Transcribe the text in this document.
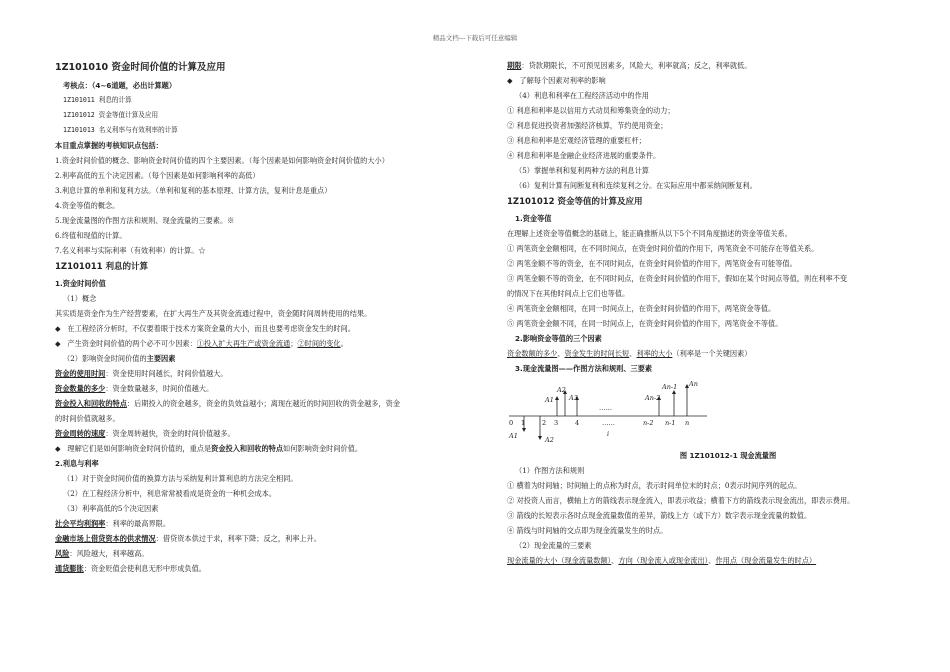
精品文档---下载后可任意编辑
1Z101010 资金时间价值的计算及应用
考核点：（4~6道题，必出计算题）
1Z101011 利息的计算
1Z101012 资金等值计算及应用
1Z101013 名义利率与有效利率的计算
本目重点掌握的考核知识点包括：
1.资金时间价值的概念、影响资金时间价值的四个主要因素。（每个因素是如何影响资金时间价值的大小）
2.利率高低的五个决定因素。（每个因素是如何影响利率的高低）
3.利息计算的单利和复利方法。（单利和复利的基本原理、计算方法，复利计息是重点）
4.资金等值的概念。
5.现金流量图的作图方法和规则、现金流量的三要素。※
6.终值和现值的计算。
7.名义利率与实际利率（有效利率）的计算。☆
1Z101011 利息的计算
1.资金时间价值
（1）概念
其实质是资金作为生产经营要素，在扩大再生产及其资金流通过程中，资金随时间周转使用的结果。
◆ 在工程经济分析时，不仅要着眼于技术方案资金量的大小，而且也要考虑资金发生的时间。
◆ 产生资金时间价值的两个必不可少因素：①投入扩大再生产或资金流通；②时间的变化。
（2）影响资金时间价值的主要因素
资金的使用时间：资金使用时间越长，时间价值越大。
资金数量的多少：资金数量越多，时间价值越大。
资金投入和回收的特点：后期投入的资金越多，资金的负效益越小；离现在越近的时间回收的资金越多，资金
的时间价值就越多。
资金周转的速度：资金周转越快，资金的时间价值越多。
◆ 理解它们是如何影响资金时间价值的，重点是资金投入和回收的特点如何影响资金时间价值。
2.利息与利率
（1）对于资金时间价值的换算方法与采纳复利计算利息的方法完全相同。
（2）在工程经济分析中，利息常常被看成是资金的一种机会成本。
（3）利率高低的5个决定因素
社会平均利润率：利率的最高界限。
金融市场上借贷资本的供求情况：借贷资本供过于求，利率下降；反之，利率上升。
风险：风险越大，利率越高。
通货膨胀：资金贬值会使利息无形中形成负值。
期限：贷款期限长，不可预见因素多，风险大，利率就高；反之，利率就低。
◆ 了解每个因素对利率的影响
（4）利息和利率在工程经济活动中的作用
① 利息和利率是以信用方式动员和筹集资金的动力；
② 利息促进投资者加强经济核算，节约使用资金；
③ 利息和利率是宏观经济管理的重要杠杆；
④ 利息和利率是金融企业经济进展的重要条件。
（5）掌握单利和复利两种方法的利息计算
（6）复利计算有间断复利和连续复利之分。在实际应用中都采纳间断复利。
1Z101012 资金等值的计算及应用
1.资金等值
在理解上述资金等值概念的基础上，能正确推断从以下5个不同角度描述的资金等值关系。
① 两笔资金金额相同，在不同时间点，在资金时间价值的作用下，两笔资金不可能存在等值关系。
② 两笔金额不等的资金，在不同时间点，在资金时间价值的作用下，两笔资金有可能等值。
③ 两笔金额不等的资金，在不同时间点，在资金时间价值的作用下，假如在某个时间点等值，则在利率不变
的情况下在其他时间点上它们也等值。
④ 两笔资金金额相同，在同一时间点上，在资金时间价值的作用下，两笔资金等值。
⑤ 两笔资金金额不同，在同一时间点上，在资金时间价值的作用下，两笔资金不等值。
2.影响资金等值的三个因素
资金数额的多少、资金发生的时间长短、利率的大小（利率是一个关键因素）
3.现金流量图——作图方法和规则、三要素
A1
A2
A3	An-2
An-1 An
A1	A2
i
……
0 1	2 3	4	……	n-2 n-1 n
图 1Z101012-1 现金流量图
（1）作图方法和规则
① 横着为时间轴；时间轴上的点称为时点，表示时间单位末的时点；0表示时间序列的起点。
② 对投资人而言，横轴上方的箭线表示现金流入，即表示收益；横着下方的箭线表示现金流出，即表示费用。
③ 箭线的长短表示各时点现金流量数值的差异，箭线上方（或下方）数字表示现金流量的数值。
④ 箭线与时间轴的交点即为现金流量发生的时点。
（2）现金流量的三要素
现金流量的大小（现金流量数额）、方向（现金流入或现金流出）、作用点（现金流量发生的时点）
